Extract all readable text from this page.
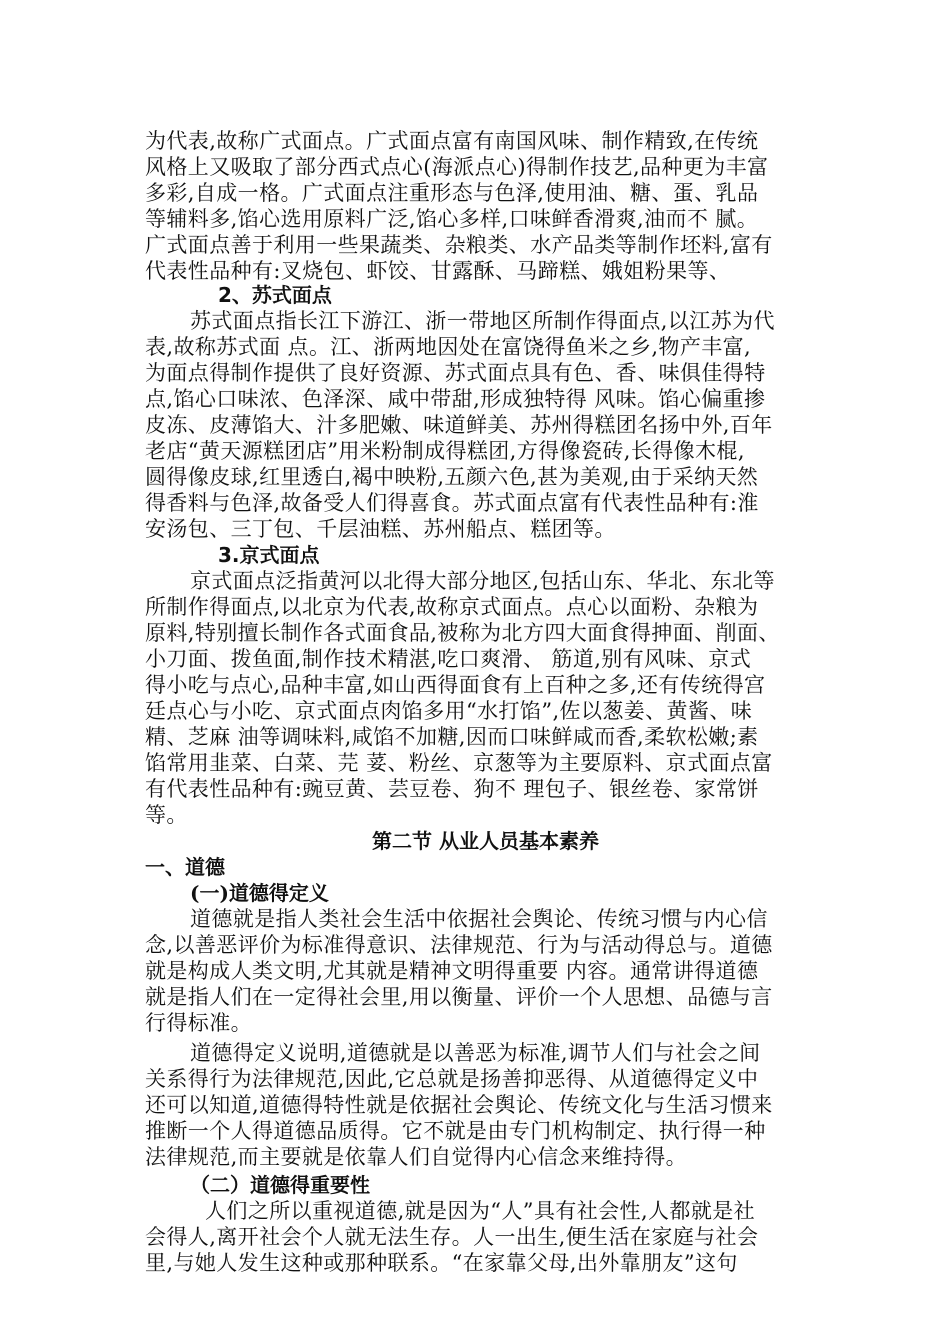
为代表,故称广式面点。广式面点富有南国风味、制作精致,在传统
风格上又吸取了部分西式点心(海派点心)得制作技艺,品种更为丰富
多彩,自成一格。广式面点注重形态与色泽,使用油、糖、蛋、乳品
等辅料多,馅心选用原料广泛,馅心多样,口味鲜香滑爽,油而不 腻。
广式面点善于利用一些果蔬类、杂粮类、水产品类等制作坯料,富有
代表性品种有:叉烧包、虾饺、甘露酥、马蹄糕、娥姐粉果等、
2、苏式面点
苏式面点指长江下游江、浙一带地区所制作得面点,以江苏为代
表,故称苏式面 点。江、浙两地因处在富饶得鱼米之乡,物产丰富,
为面点得制作提供了良好资源、苏式面点具有色、香、味俱佳得特
点,馅心口味浓、色泽深、咸中带甜,形成独特得 风味。馅心偏重掺
皮冻、皮薄馅大、汁多肥嫩、味道鲜美、苏州得糕团名扬中外,百年
老店“黄天源糕团店”用米粉制成得糕团,方得像瓷砖,长得像木棍,
圆得像皮球,红里透白,褐中映粉,五颜六色,甚为美观,由于采纳天然
得香料与色泽,故备受人们得喜食。苏式面点富有代表性品种有:淮
安汤包、三丁包、千层油糕、苏州船点、糕团等。
3.京式面点
京式面点泛指黄河以北得大部分地区,包括山东、华北、东北等
所制作得面点,以北京为代表,故称京式面点。点心以面粉、杂粮为
原料,特别擅长制作各式面食品,被称为北方四大面食得抻面、削面、
小刀面、拨鱼面,制作技术精湛,吃口爽滑、 筋道,别有风味、京式
得小吃与点心,品种丰富,如山西得面食有上百种之多,还有传统得宫
廷点心与小吃、京式面点肉馅多用“水打馅”,佐以葱姜、黄酱、味
精、芝麻 油等调味料,咸馅不加糖,因而口味鲜咸而香,柔软松嫩;素
馅常用韭菜、白菜、芫 荽、粉丝、京葱等为主要原料、京式面点富
有代表性品种有:豌豆黄、芸豆卷、狗不 理包子、银丝卷、家常饼
等。
第二节 从业人员基本素养
一、道德
(一)道德得定义
道德就是指人类社会生活中依据社会舆论、传统习惯与内心信
念,以善恶评价为标准得意识、法律规范、行为与活动得总与。道德
就是构成人类文明,尤其就是精神文明得重要 内容。通常讲得道德
就是指人们在一定得社会里,用以衡量、评价一个人思想、品德与言
行得标准。
道德得定义说明,道德就是以善恶为标准,调节人们与社会之间
关系得行为法律规范,因此,它总就是扬善抑恶得、从道德得定义中
还可以知道,道德得特性就是依据社会舆论、传统文化与生活习惯来
推断一个人得道德品质得。它不就是由专门机构制定、执行得一种
法律规范,而主要就是依靠人们自觉得内心信念来维持得。
（二）道德得重要性
人们之所以重视道德,就是因为“人”具有社会性,人都就是社
会得人,离开社会个人就无法生存。人一出生,便生活在家庭与社会
里,与她人发生这种或那种联系。“在家靠父母,出外靠朋友”这句
